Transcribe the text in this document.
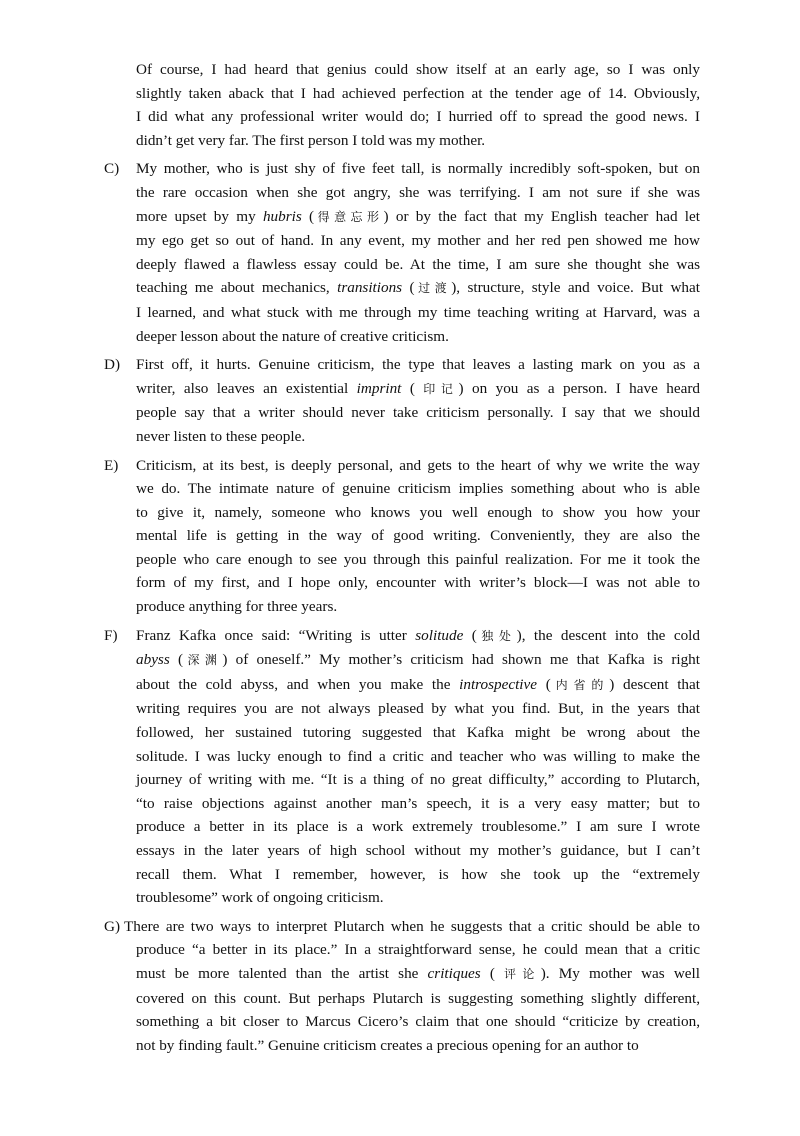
Of course, I had heard that genius could show itself at an early age, so I was only
slightly taken aback that I had achieved perfection at the tender age of 14. Obviously,
I did what any professional writer would do; I hurried off to spread the good news. I
didn’t get very far. The first person I told was my mother.
C) My mother, who is just shy of five feet tall, is normally incredibly soft-spoken, but on
the rare occasion when she got angry, she was terrifying. I am not sure if she was
more upset by my hubris (得意忘形) or by the fact that my English teacher had let
my ego get so out of hand. In any event, my mother and her red pen showed me how
deeply flawed a flawless essay could be. At the time, I am sure she thought she was
teaching me about mechanics, transitions (过渡), structure, style and voice. But what
I learned, and what stuck with me through my time teaching writing at Harvard, was a
deeper lesson about the nature of creative criticism.
D) First off, it hurts. Genuine criticism, the type that leaves a lasting mark on you as a
writer, also leaves an existential imprint ( 印记) on you as a person. I have heard
people say that a writer should never take criticism personally. I say that we should
never listen to these people.
E) Criticism, at its best, is deeply personal, and gets to the heart of why we write the way
we do. The intimate nature of genuine criticism implies something about who is able
to give it, namely, someone who knows you well enough to show you how your
mental life is getting in the way of good writing. Conveniently, they are also the
people who care enough to see you through this painful realization. For me it took the
form of my first, and I hope only, encounter with writer’s block—I was not able to
produce anything for three years.
F) Franz Kafka once said: “Writing is utter solitude (独处), the descent into the cold
abyss (深渊) of oneself.” My mother’s criticism had shown me that Kafka is right
about the cold abyss, and when you make the introspective (内省的) descent that
writing requires you are not always pleased by what you find. But, in the years that
followed, her sustained tutoring suggested that Kafka might be wrong about the
solitude. I was lucky enough to find a critic and teacher who was willing to make the
journey of writing with me. “It is a thing of no great difficulty,” according to Plutarch,
“to raise objections against another man’s speech, it is a very easy matter; but to
produce a better in its place is a work extremely troublesome.” I am sure I wrote
essays in the later years of high school without my mother’s guidance, but I can’t
recall them. What I remember, however, is how she took up the “extremely
troublesome” work of ongoing criticism.
G) There are two ways to interpret Plutarch when he suggests that a critic should be able to
produce “a better in its place.” In a straightforward sense, he could mean that a critic
must be more talented than the artist she critiques ( 评论). My mother was well
covered on this count. But perhaps Plutarch is suggesting something slightly different,
something a bit closer to Marcus Cicero’s claim that one should “criticize by creation,
not by finding fault.” Genuine criticism creates a precious opening for an author to
